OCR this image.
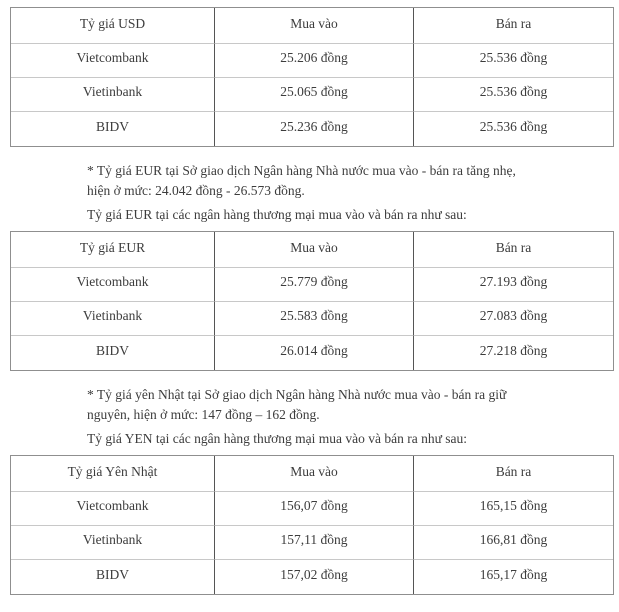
Tỷ giá USD	Mua vào	Bán ra
Vietcombank	25.206 đồng	25.536 đồng
Vietinbank	25.065 đồng	25.536 đồng
BIDV	25.236 đồng	25.536 đồng

* Tỷ giá EUR tại Sở giao dịch Ngân hàng Nhà nước mua vào - bán ra tăng nhẹ, hiện ở mức: 24.042 đồng - 26.573 đồng.

Tỷ giá EUR tại các ngân hàng thương mại mua vào và bán ra như sau:

Tỷ giá EUR	Mua vào	Bán ra
Vietcombank	25.779 đồng	27.193 đồng
Vietinbank	25.583 đồng	27.083 đồng
BIDV	26.014 đồng	27.218 đồng

* Tỷ giá yên Nhật tại Sở giao dịch Ngân hàng Nhà nước mua vào - bán ra giữ nguyên, hiện ở mức: 147 đồng – 162 đồng.

Tỷ giá YEN tại các ngân hàng thương mại mua vào và bán ra như sau:

Tỷ giá Yên Nhật	Mua vào	Bán ra
Vietcombank	156,07 đồng	165,15 đồng
Vietinbank	157,11 đồng	166,81 đồng
BIDV	157,02 đồng	165,17 đồng
